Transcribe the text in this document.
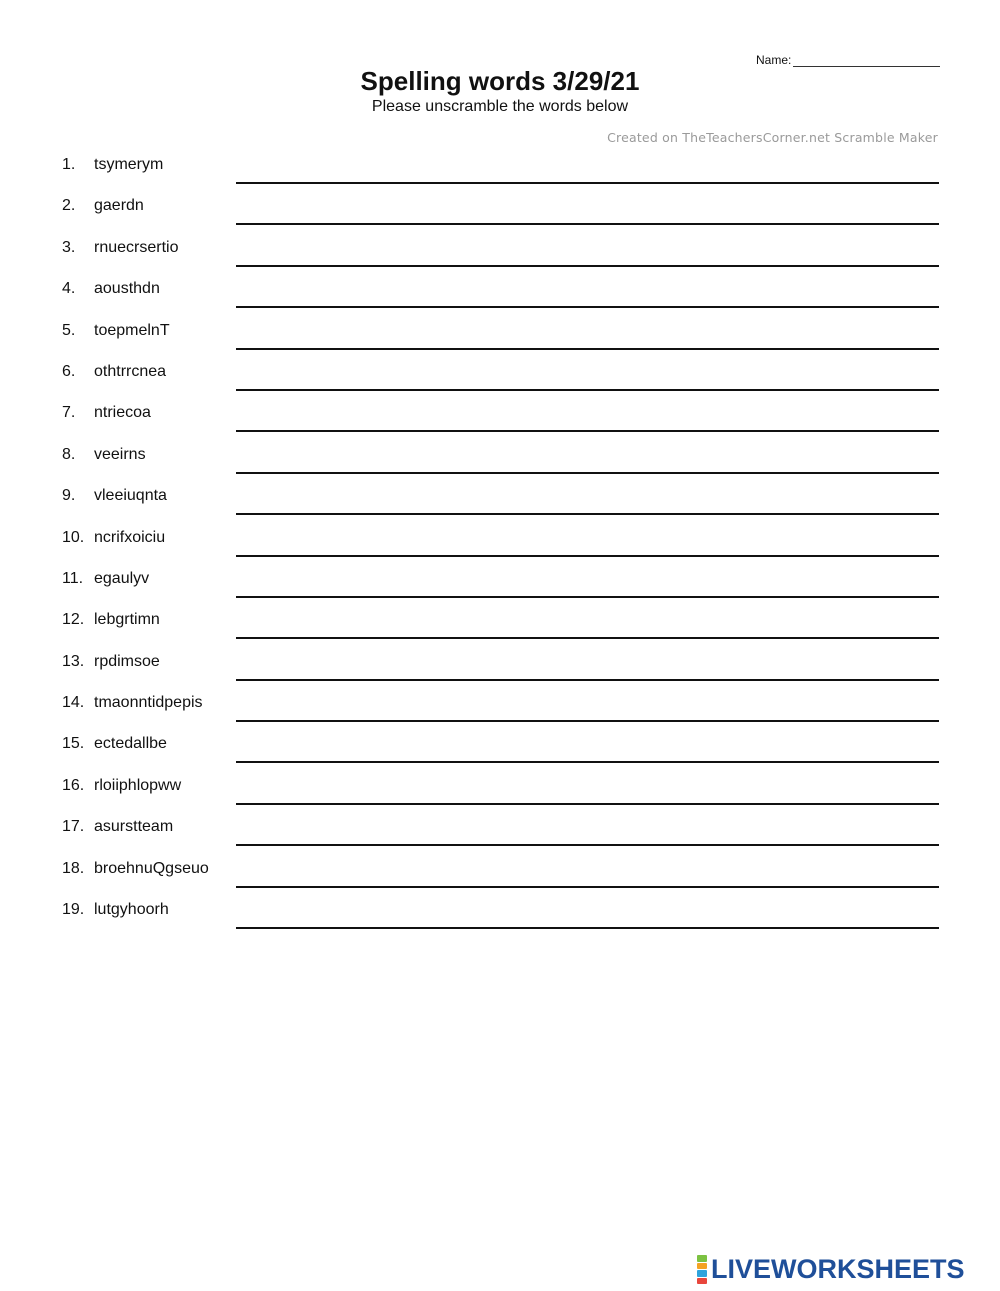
Name:
Spelling words 3/29/21

Please unscramble the words below

Created on TheTeachersCorner.net Scramble Maker
1. tsymerym
2. gaerdn
3. rnuecrsertio
4. aousthdn
5. toepmelnT
6. othtrrcnea
7. ntriecoa
8. veeirns
9. vleeiuqnta
10. ncrifxoiciu
11. egaulyv
12. lebgrtimn
13. rpdimsoe
14. tmaonntidpepis
15. ectedallbe
16. rloiiphlopww
17. asurstteam
18. broehnuQgseuo
19. lutgyhoorh
LIVEWORKSHEETS
